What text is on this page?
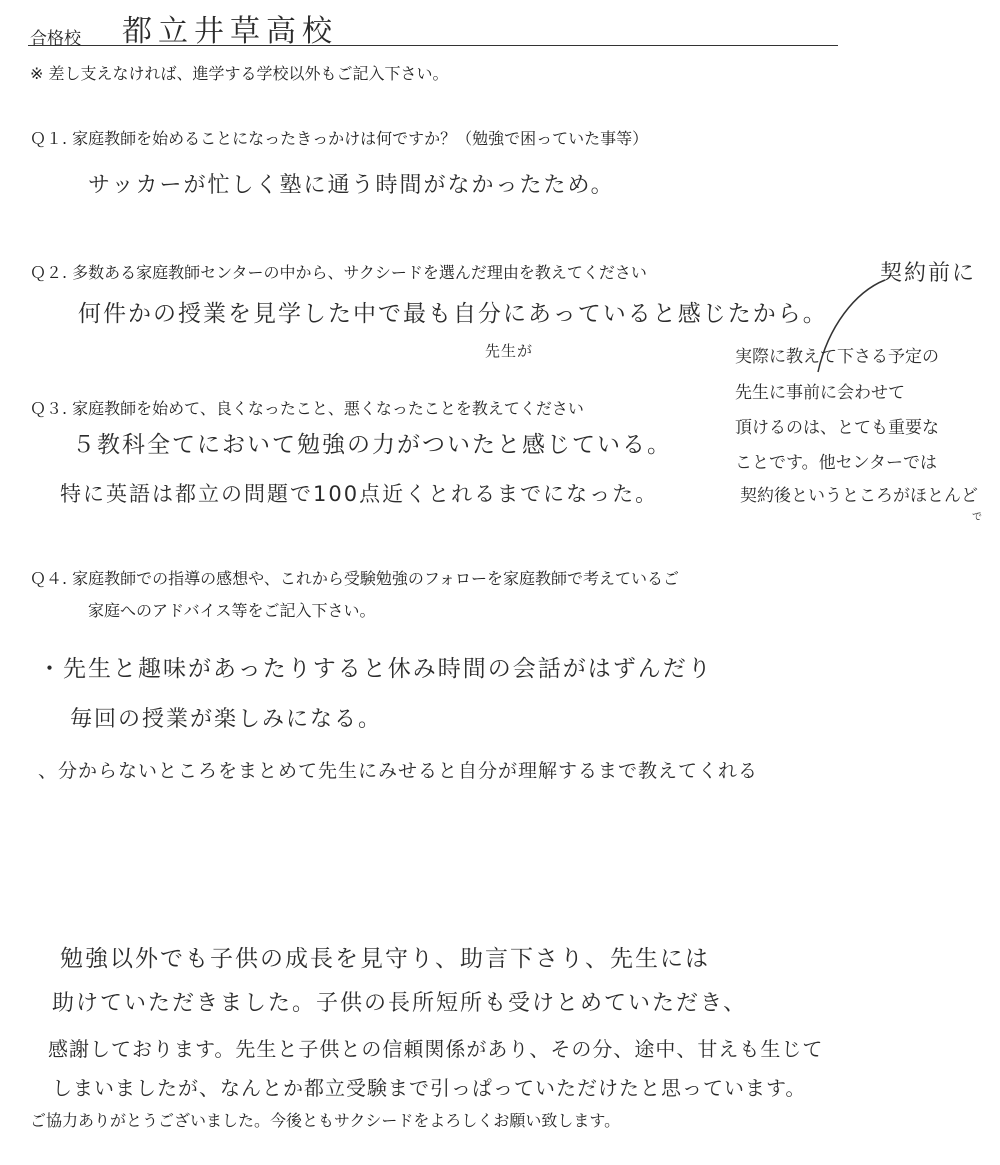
合格校 都立井草高校
※ 差し支えなければ、進学する学校以外もご記入下さい。
Ｑ１. 家庭教師を始めることになったきっかけは何ですか？（勉強で困っていた事等）
サッカーが忙しく塾に通う時間がなかったため。
Ｑ２. 多数ある家庭教師センターの中から、サクシードを選んだ理由を教えてください
何件かの授業を見学した中で最も自分にあっていると感じたから。
先生が
契約前に
実際に教えて下さる予定の
先生に事前に会わせて
頂けるのは、とても重要な
ことです。他センターでは
契約後というところがほとんど
で
Ｑ３. 家庭教師を始めて、良くなったこと、悪くなったことを教えてください
５教科全てにおいて勉強の力がついたと感じている。
特に英語は都立の問題で100点近くとれるまでになった。
Ｑ４. 家庭教師での指導の感想や、これから受験勉強のフォローを家庭教師で考えているご
家庭へのアドバイス等をご記入下さい。
・先生と趣味があったりすると休み時間の会話がはずんだり
毎回の授業が楽しみになる。
、分からないところをまとめて先生にみせると自分が理解するまで教えてくれる
勉強以外でも子供の成長を見守り、助言下さり、先生には
助けていただきました。子供の長所短所も受けとめていただき、
感謝しております。先生と子供との信頼関係があり、その分、途中、甘えも生じて
しまいましたが、なんとか都立受験まで引っぱっていただけたと思っています。
ご協力ありがとうございました。今後ともサクシードをよろしくお願い致します。
